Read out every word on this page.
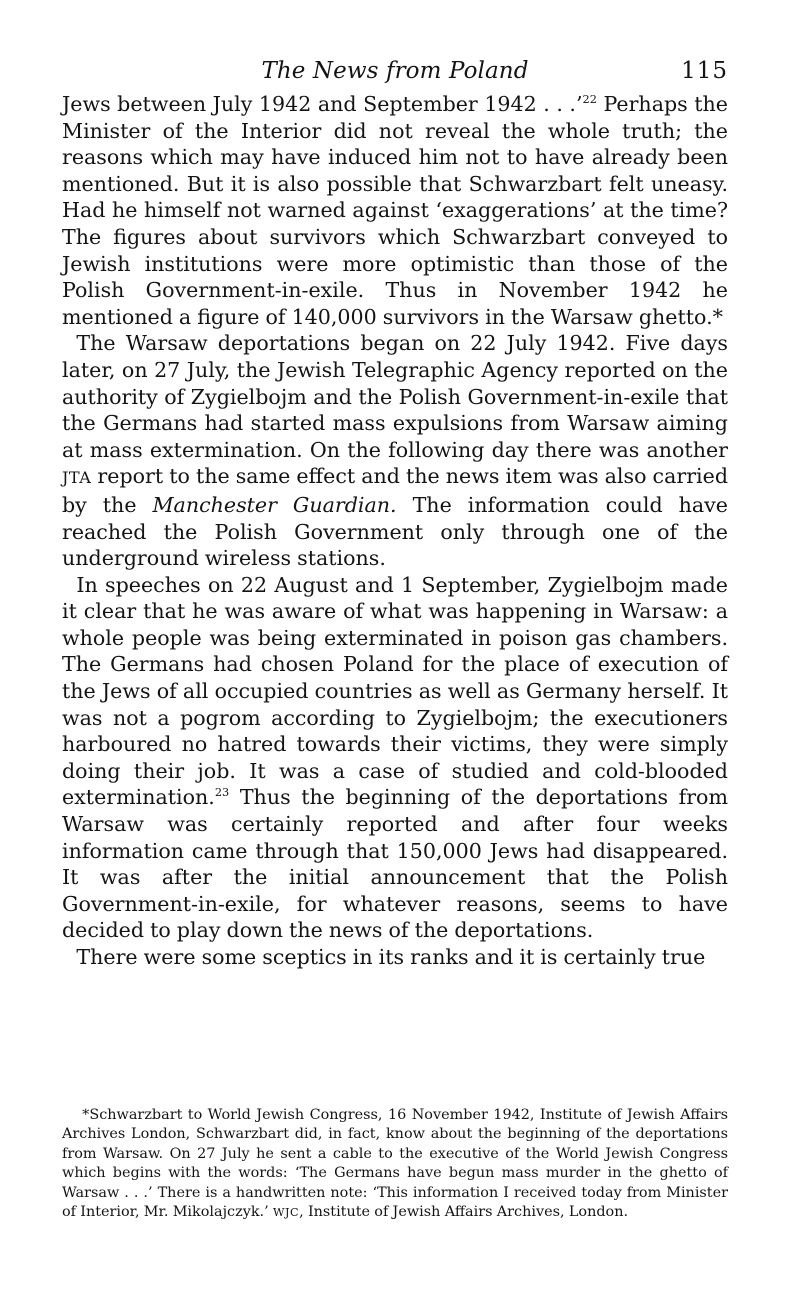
The News from Poland	115

Jews between July 1942 and September 1942 . . .’$^{22}$ Perhaps the Minister of the Interior did not reveal the whole truth; the reasons which may have induced him not to have already been mentioned. But it is also possible that Schwarzbart felt uneasy. Had he himself not warned against ‘exaggerations’ at the time? The figures about survivors which Schwarzbart conveyed to Jewish institutions were more optimistic than those of the Polish Government-in-exile. Thus in November 1942 he mentioned a figure of 140,000 survivors in the Warsaw ghetto.*

The Warsaw deportations began on 22 July 1942. Five days later, on 27 July, the Jewish Telegraphic Agency reported on the authority of Zygielbojm and the Polish Government-in-exile that the Germans had started mass expulsions from Warsaw aiming at mass extermination. On the following day there was another JTA report to the same effect and the news item was also carried by the Manchester Guardian. The information could have reached the Polish Government only through one of the underground wireless stations.

In speeches on 22 August and 1 September, Zygielbojm made it clear that he was aware of what was happening in Warsaw: a whole people was being exterminated in poison gas chambers. The Germans had chosen Poland for the place of execution of the Jews of all occupied countries as well as Germany herself. It was not a pogrom according to Zygielbojm; the executioners harboured no hatred towards their victims, they were simply doing their job. It was a case of studied and cold-blooded extermination.$^{23}$ Thus the beginning of the deportations from Warsaw was certainly reported and after four weeks information came through that 150,000 Jews had disappeared. It was after the initial announcement that the Polish Government-in-exile, for whatever reasons, seems to have decided to play down the news of the deportations.

There were some sceptics in its ranks and it is certainly true

*Schwarzbart to World Jewish Congress, 16 November 1942, Institute of Jewish Affairs Archives London, Schwarzbart did, in fact, know about the beginning of the deportations from Warsaw. On 27 July he sent a cable to the executive of the World Jewish Congress which begins with the words: ‘The Germans have begun mass murder in the ghetto of Warsaw . . .’ There is a handwritten note: ‘This information I received today from Minister of Interior, Mr. Mikolajczyk.’ WJC, Institute of Jewish Affairs Archives, London.
